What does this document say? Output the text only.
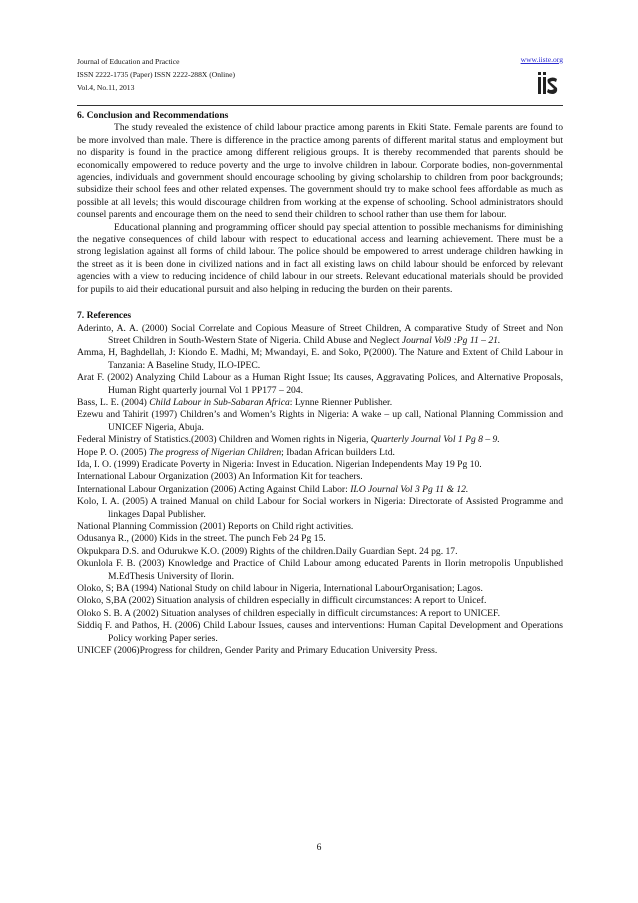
Journal of Education and Practice
ISSN 2222-1735 (Paper) ISSN 2222-288X (Online)
Vol.4, No.11, 2013
www.iiste.org
6. Conclusion and Recommendations

The study revealed the existence of child labour practice among parents in Ekiti State. Female parents are found to be more involved than male. There is difference in the practice among parents of different marital status and employment but no disparity is found in the practice among different religious groups. It is thereby recommended that parents should be economically empowered to reduce poverty and the urge to involve children in labour. Corporate bodies, non-governmental agencies, individuals and government should encourage schooling by giving scholarship to children from poor backgrounds; subsidize their school fees and other related expenses. The government should try to make school fees affordable as much as possible at all levels; this would discourage children from working at the expense of schooling. School administrators should counsel parents and encourage them on the need to send their children to school rather than use them for labour.

Educational planning and programming officer should pay special attention to possible mechanisms for diminishing the negative consequences of child labour with respect to educational access and learning achievement. There must be a strong legislation against all forms of child labour. The police should be empowered to arrest underage children hawking in the street as it is been done in civilized nations and in fact all existing laws on child labour should be enforced by relevant agencies with a view to reducing incidence of child labour in our streets. Relevant educational materials should be provided for pupils to aid their educational pursuit and also helping in reducing the burden on their parents.

7. References

Aderinto, A. A. (2000) Social Correlate and Copious Measure of Street Children, A comparative Study of Street and Non Street Children in South-Western State of Nigeria. Child Abuse and Neglect Journal Vol9 :Pg 11 – 21.

Amma, H, Baghdellah, J: Kiondo E. Madhi, M; Mwandayi, E. and Soko, P(2000). The Nature and Extent of Child Labour in Tanzania: A Baseline Study, ILO-IPEC.

Arat F. (2002) Analyzing Child Labour as a Human Right Issue; Its causes, Aggravating Polices, and Alternative Proposals, Human Right quarterly journal Vol 1 PP177 – 204.

Bass, L. E. (2004) Child Labour in Sub-Sabaran Africa: Lynne Rienner Publisher.

Ezewu and Tahirit (1997) Children’s and Women’s Rights in Nigeria: A wake – up call, National Planning Commission and UNICEF Nigeria, Abuja.

Federal Ministry of Statistics.(2003) Children and Women rights in Nigeria, Quarterly Journal Vol 1 Pg 8 – 9.

Hope P. O. (2005) The progress of Nigerian Children; Ibadan African builders Ltd.

Ida, I. O. (1999) Eradicate Poverty in Nigeria: Invest in Education. Nigerian Independents May 19 Pg 10.

International Labour Organization (2003) An Information Kit for teachers.

International Labour Organization (2006) Acting Against Child Labor: ILO Journal Vol 3 Pg 11 & 12.

Kolo, I. A. (2005) A trained Manual on child Labour for Social workers in Nigeria: Directorate of Assisted Programme and linkages Dapal Publisher.

National Planning Commission (2001) Reports on Child right activities.

Odusanya R., (2000) Kids in the street. The punch Feb 24 Pg 15.

Okpukpara D.S. and Odurukwe K.O. (2009) Rights of the children.Daily Guardian Sept. 24 pg. 17.

Okunlola F. B. (2003) Knowledge and Practice of Child Labour among educated Parents in Ilorin metropolis Unpublished M.EdThesis University of Ilorin.

Oloko, S; BA (1994) National Study on child labour in Nigeria, International LabourOrganisation; Lagos.

Oloko, S,BA (2002) Situation analysis of children especially in difficult circumstances: A report to Unicef.

Oloko S. B. A (2002) Situation analyses of children especially in difficult circumstances: A report to UNICEF.

Siddiq F. and Pathos, H. (2006) Child Labour Issues, causes and interventions: Human Capital Development and Operations Policy working Paper series.

UNICEF (2006)Progress for children, Gender Parity and Primary Education University Press.

6
